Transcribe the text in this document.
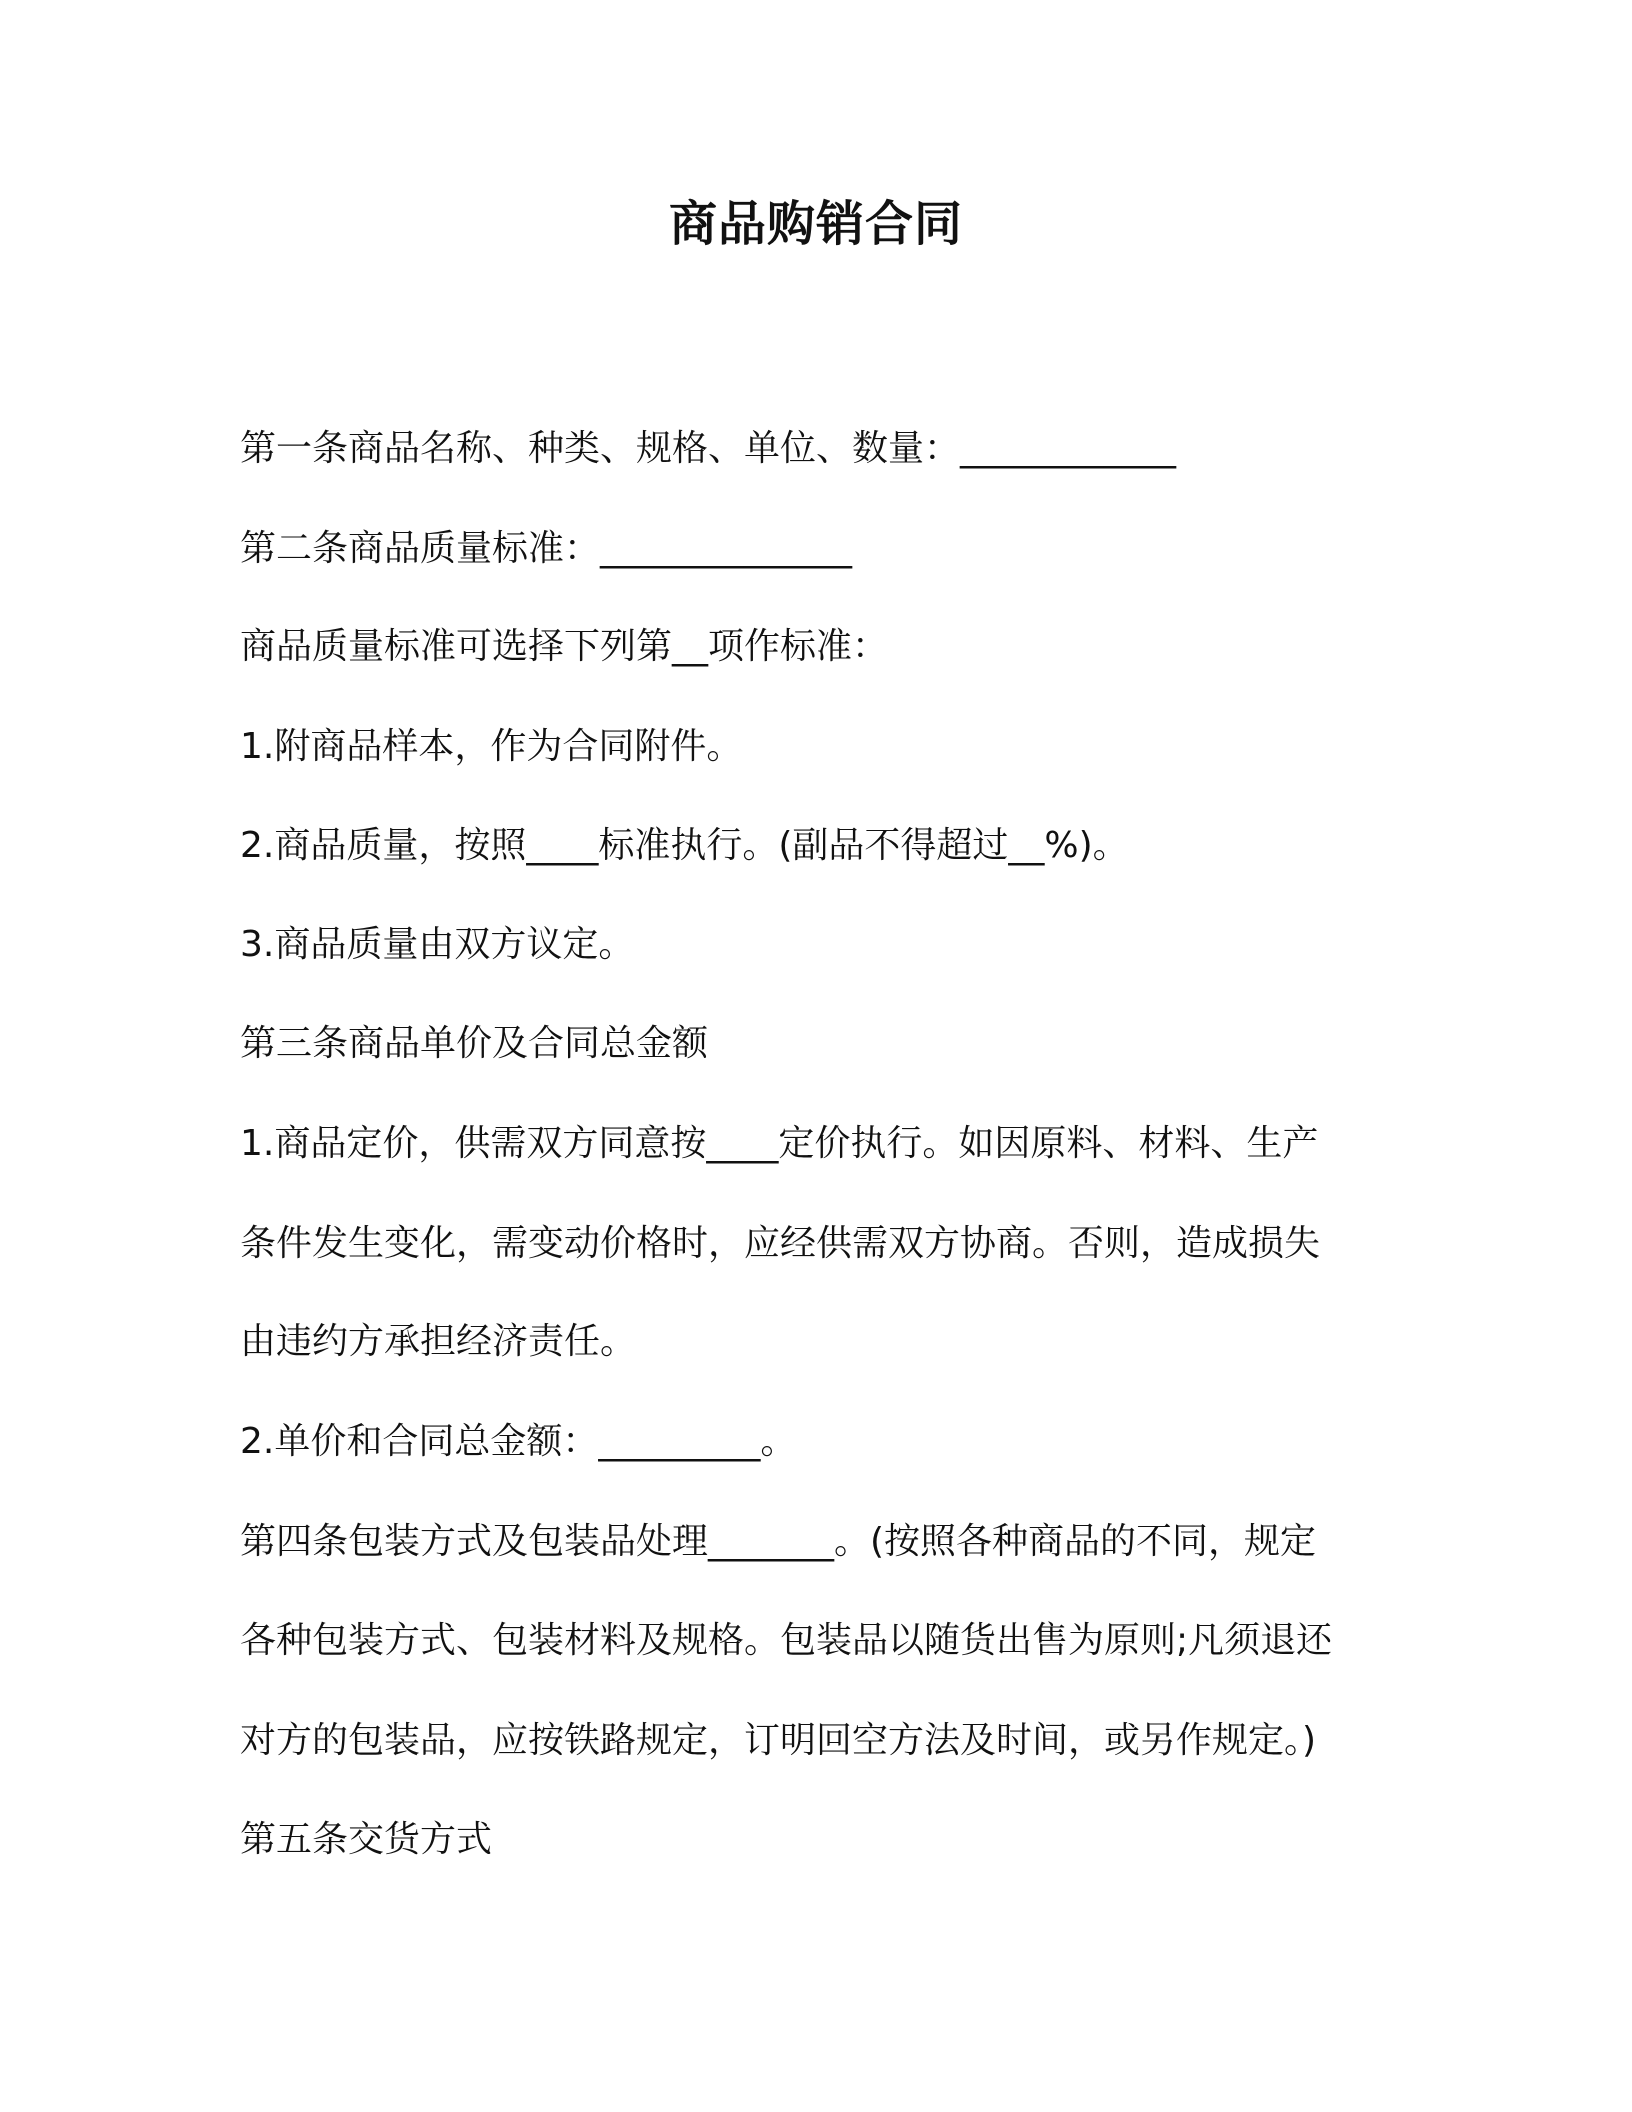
商品购销合同
第一条商品名称、种类、规格、单位、数量：____________
第二条商品质量标准：______________
商品质量标准可选择下列第__项作标准：
1.附商品样本，作为合同附件。
2.商品质量，按照____标准执行。(副品不得超过__%)。
3.商品质量由双方议定。
第三条商品单价及合同总金额
1.商品定价，供需双方同意按____定价执行。如因原料、材料、生产
条件发生变化，需变动价格时，应经供需双方协商。否则，造成损失
由违约方承担经济责任。
2.单价和合同总金额：_________。
第四条包装方式及包装品处理_______。(按照各种商品的不同，规定
各种包装方式、包装材料及规格。包装品以随货出售为原则;凡须退还
对方的包装品，应按铁路规定，订明回空方法及时间，或另作规定。)
第五条交货方式
